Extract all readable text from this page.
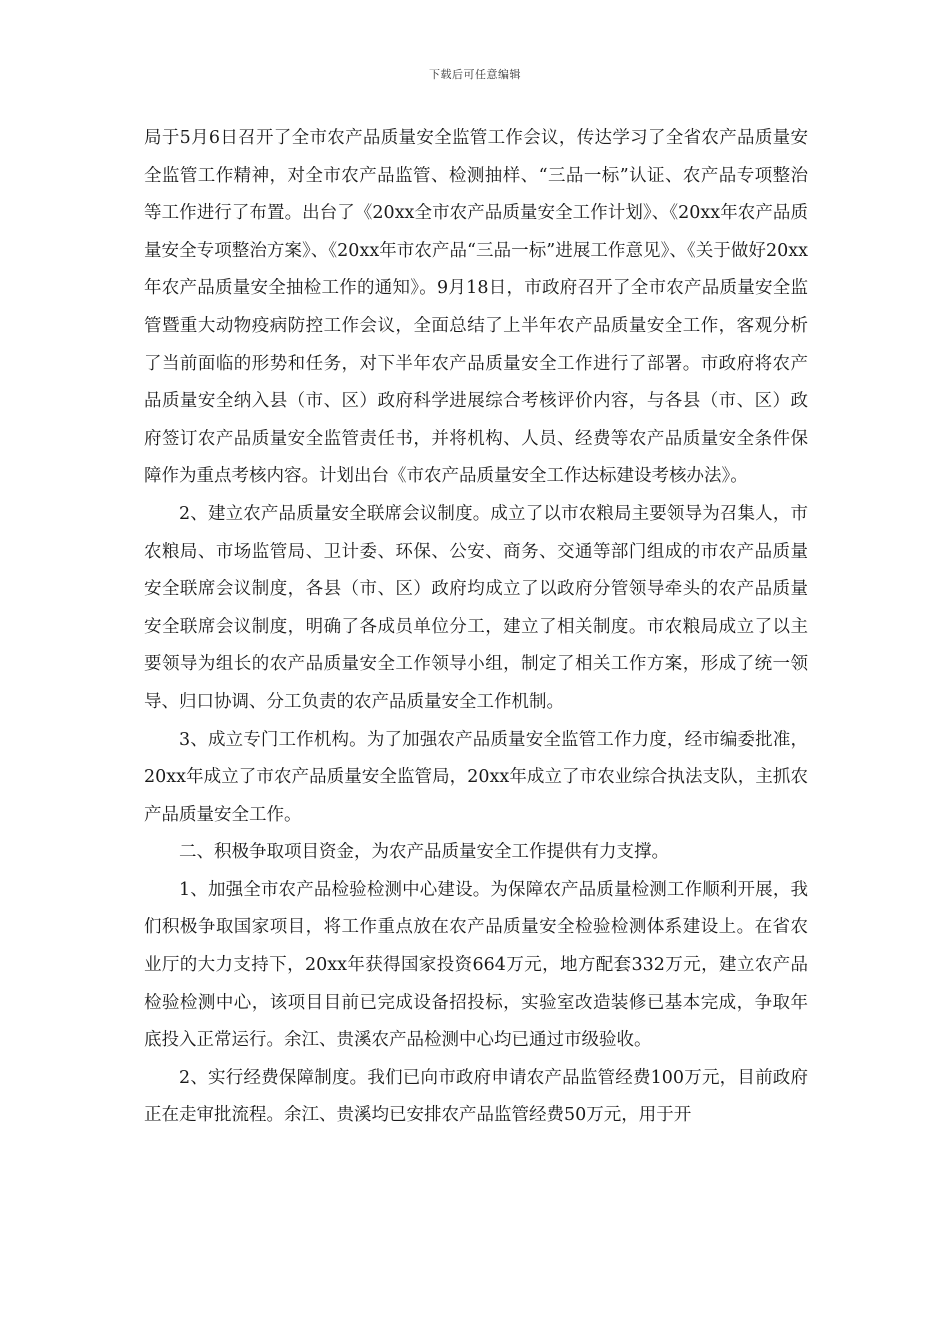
下载后可任意编辑

局于5月6日召开了全市农产品质量安全监管工作会议，传达学习了全省农产品质量安全监管工作精神，对全市农产品监管、检测抽样、“三品一标”认证、农产品专项整治等工作进行了布置。出台了《20xx全市农产品质量安全工作计划》、《20xx年农产品质量安全专项整治方案》、《20xx年市农产品“三品一标”进展工作意见》、《关于做好20xx年农产品质量安全抽检工作的通知》。9月18日，市政府召开了全市农产品质量安全监管暨重大动物疫病防控工作会议，全面总结了上半年农产品质量安全工作，客观分析了当前面临的形势和任务，对下半年农产品质量安全工作进行了部署。市政府将农产品质量安全纳入县（市、区）政府科学进展综合考核评价内容，与各县（市、区）政府签订农产品质量安全监管责任书，并将机构、人员、经费等农产品质量安全条件保障作为重点考核内容。计划出台《市农产品质量安全工作达标建设考核办法》。

2、建立农产品质量安全联席会议制度。成立了以市农粮局主要领导为召集人，市农粮局、市场监管局、卫计委、环保、公安、商务、交通等部门组成的市农产品质量安全联席会议制度，各县（市、区）政府均成立了以政府分管领导牵头的农产品质量安全联席会议制度，明确了各成员单位分工，建立了相关制度。市农粮局成立了以主要领导为组长的农产品质量安全工作领导小组，制定了相关工作方案，形成了统一领导、归口协调、分工负责的农产品质量安全工作机制。

3、成立专门工作机构。为了加强农产品质量安全监管工作力度，经市编委批准，20xx年成立了市农产品质量安全监管局，20xx年成立了市农业综合执法支队，主抓农产品质量安全工作。

二、积极争取项目资金，为农产品质量安全工作提供有力支撑。

1、加强全市农产品检验检测中心建设。为保障农产品质量检测工作顺利开展，我们积极争取国家项目，将工作重点放在农产品质量安全检验检测体系建设上。在省农业厅的大力支持下，20xx年获得国家投资664万元，地方配套332万元，建立农产品检验检测中心，该项目目前已完成设备招投标，实验室改造装修已基本完成，争取年底投入正常运行。余江、贵溪农产品检测中心均已通过市级验收。

2、实行经费保障制度。我们已向市政府申请农产品监管经费100万元，目前政府正在走审批流程。余江、贵溪均已安排农产品监管经费50万元，用于开
